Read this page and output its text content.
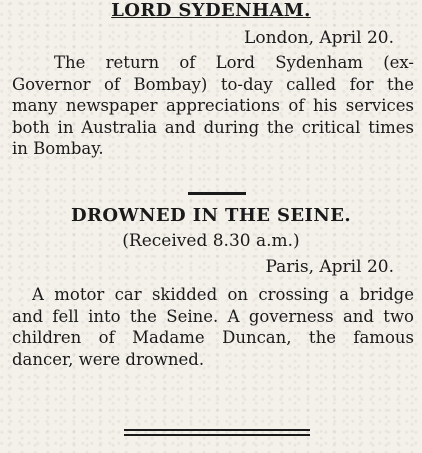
LORD SYDENHAM.
London, April 20.
The return of Lord Sydenham (ex-Governor of Bombay) to-day called for the many newspaper appreciations of his services both in Australia and during the critical times in Bombay.
DROWNED IN THE SEINE.
(Received 8.30 a.m.)
Paris, April 20.
A motor car skidded on crossing a bridge and fell into the Seine. A governess and two children of Madame Duncan, the famous dancer, were drowned.
